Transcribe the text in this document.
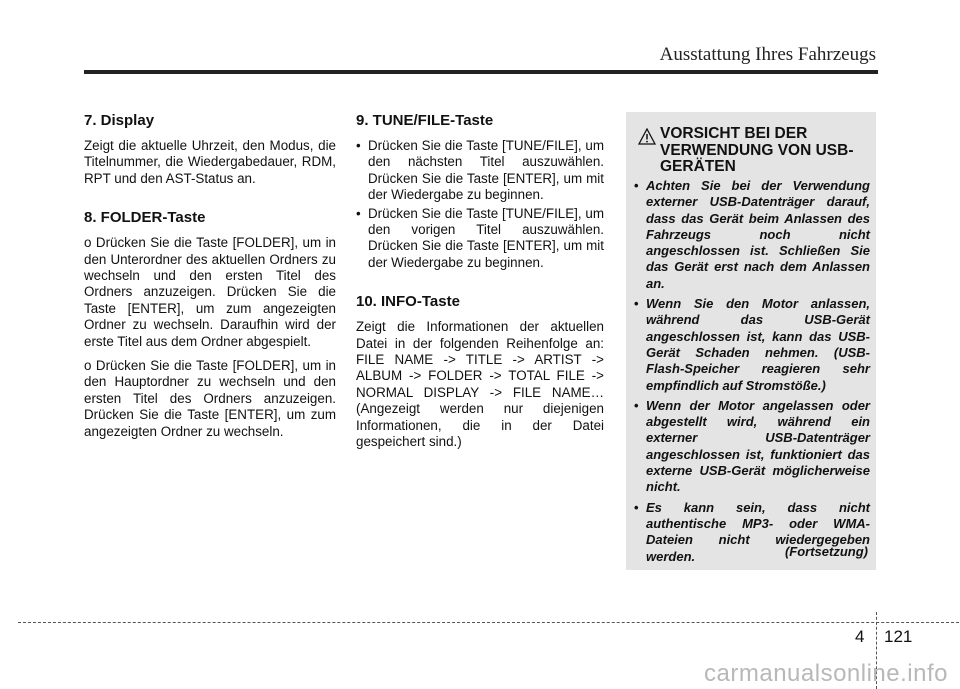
Ausstattung Ihres Fahrzeugs
7. Display

Zeigt die aktuelle Uhrzeit, den Modus, die Titelnummer, die Wiedergabedauer, RDM, RPT und den AST-Status an.

8. FOLDER-Taste

o Drücken Sie die Taste [FOLDER], um in den Unterordner des aktuellen Ordners zu wechseln und den ersten Titel des Ordners anzuzeigen. Drücken Sie die Taste [ENTER], um zum angezeigten Ordner zu wechseln. Daraufhin wird der erste Titel aus dem Ordner abgespielt.

o Drücken Sie die Taste [FOLDER], um in den Hauptordner zu wechseln und den ersten Titel des Ordners anzuzeigen. Drücken Sie die Taste [ENTER], um zum angezeigten Ordner zu wechseln.

9. TUNE/FILE-Taste
• Drücken Sie die Taste [TUNE/FILE], um den nächsten Titel auszuwählen. Drücken Sie die Taste [ENTER], um mit der Wiedergabe zu beginnen.
• Drücken Sie die Taste [TUNE/FILE], um den vorigen Titel auszuwählen. Drücken Sie die Taste [ENTER], um mit der Wiedergabe zu beginnen.
10. INFO-Taste

Zeigt die Informationen der aktuellen Datei in der folgenden Reihenfolge an: FILE NAME -> TITLE -> ARTIST -> ALBUM -> FOLDER -> TOTAL FILE -> NORMAL DISPLAY -> FILE NAME… (Angezeigt werden nur diejenigen Informationen, die in der Datei gespeichert sind.)

VORSICHT BEI DER VERWENDUNG VON USB-GERÄTEN
• Achten Sie bei der Verwendung externer USB-Datenträger darauf, dass das Gerät beim Anlassen des Fahrzeugs noch nicht angeschlossen ist. Schließen Sie das Gerät erst nach dem Anlassen an.
• Wenn Sie den Motor anlassen, während das USB-Gerät angeschlossen ist, kann das USB-Gerät Schaden nehmen. (USB-Flash-Speicher reagieren sehr empfindlich auf Stromstöße.)
• Wenn der Motor angelassen oder abgestellt wird, während ein externer USB-Datenträger angeschlossen ist, funktioniert das externe USB-Gerät möglicherweise nicht.
• Es kann sein, dass nicht authentische MP3- oder WMA-Dateien nicht wiedergegeben werden.	(Fortsetzung)
4 121
carmanualsonline.info
